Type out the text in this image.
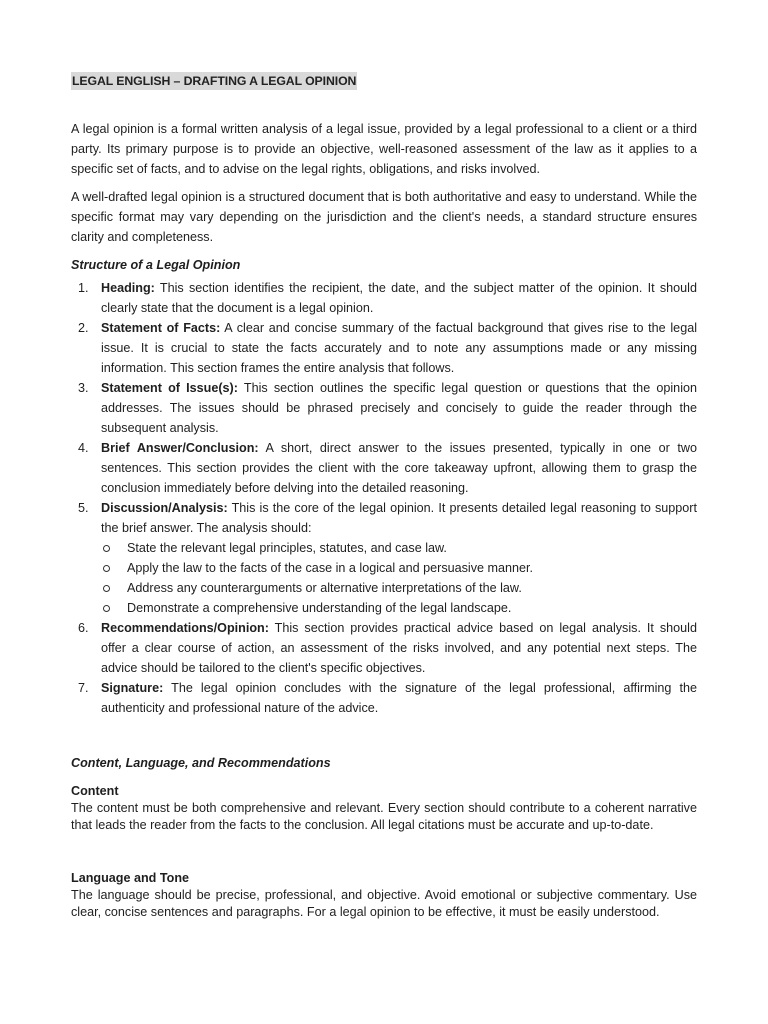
LEGAL ENGLISH – DRAFTING A LEGAL OPINION

A legal opinion is a formal written analysis of a legal issue, provided by a legal professional to a client or a third party. Its primary purpose is to provide an objective, well-reasoned assessment of the law as it applies to a specific set of facts, and to advise on the legal rights, obligations, and risks involved.

A well-drafted legal opinion is a structured document that is both authoritative and easy to understand. While the specific format may vary depending on the jurisdiction and the client's needs, a standard structure ensures clarity and completeness.

Structure of a Legal Opinion

1. Heading: This section identifies the recipient, the date, and the subject matter of the opinion. It should clearly state that the document is a legal opinion.
2. Statement of Facts: A clear and concise summary of the factual background that gives rise to the legal issue. It is crucial to state the facts accurately and to note any assumptions made or any missing information. This section frames the entire analysis that follows.
3. Statement of Issue(s): This section outlines the specific legal question or questions that the opinion addresses. The issues should be phrased precisely and concisely to guide the reader through the subsequent analysis.
4. Brief Answer/Conclusion: A short, direct answer to the issues presented, typically in one or two sentences. This section provides the client with the core takeaway upfront, allowing them to grasp the conclusion immediately before delving into the detailed reasoning.
5. Discussion/Analysis: This is the core of the legal opinion. It presents detailed legal reasoning to support the brief answer. The analysis should:
State the relevant legal principles, statutes, and case law.
Apply the law to the facts of the case in a logical and persuasive manner.
Address any counterarguments or alternative interpretations of the law.
Demonstrate a comprehensive understanding of the legal landscape.
6. Recommendations/Opinion: This section provides practical advice based on legal analysis. It should offer a clear course of action, an assessment of the risks involved, and any potential next steps. The advice should be tailored to the client's specific objectives.
7. Signature: The legal opinion concludes with the signature of the legal professional, affirming the authenticity and professional nature of the advice.

Content, Language, and Recommendations

Content

The content must be both comprehensive and relevant. Every section should contribute to a coherent narrative that leads the reader from the facts to the conclusion. All legal citations must be accurate and up-to-date.

Language and Tone

The language should be precise, professional, and objective. Avoid emotional or subjective commentary. Use clear, concise sentences and paragraphs. For a legal opinion to be effective, it must be easily understood.
